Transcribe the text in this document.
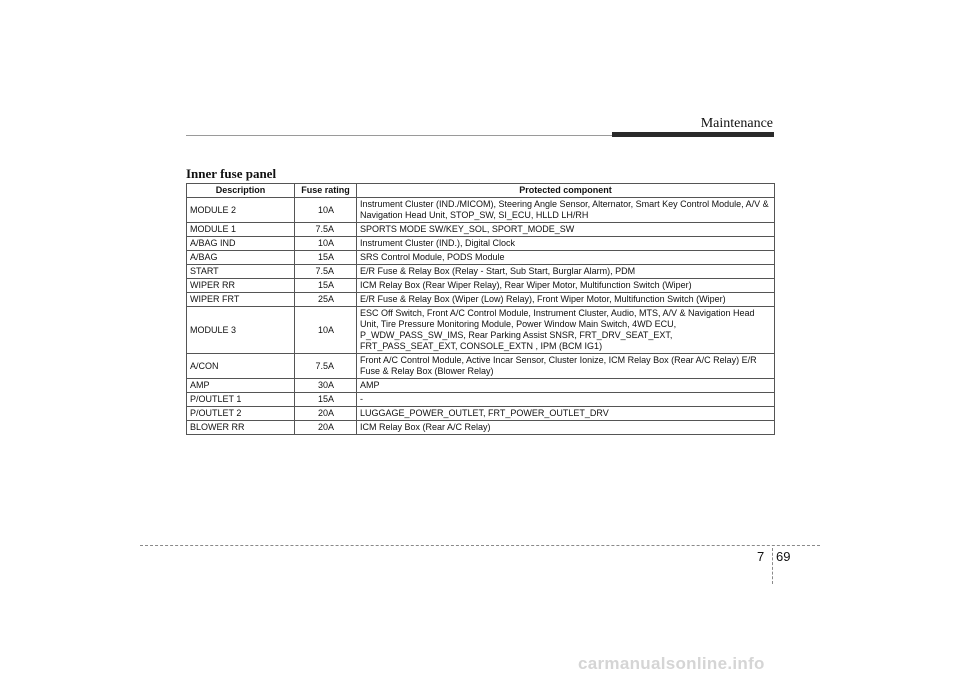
Maintenance
Inner fuse panel
Description	Fuse rating	Protected component
MODULE 2	10A	Instrument Cluster (IND./MICOM), Steering Angle Sensor, Alternator, Smart Key Control Module, A/V & Navigation Head Unit, STOP_SW, SI_ECU, HLLD LH/RH
MODULE 1	7.5A	SPORTS MODE SW/KEY_SOL, SPORT_MODE_SW
A/BAG IND	10A	Instrument Cluster (IND.), Digital Clock
A/BAG	15A	SRS Control Module, PODS Module
START	7.5A	E/R Fuse & Relay Box (Relay - Start, Sub Start, Burglar Alarm), PDM
WIPER RR	15A	ICM Relay Box (Rear Wiper Relay), Rear Wiper Motor, Multifunction Switch (Wiper)
WIPER FRT	25A	E/R Fuse & Relay Box (Wiper (Low) Relay), Front Wiper Motor, Multifunction Switch (Wiper)
MODULE 3	10A	ESC Off Switch, Front A/C Control Module, Instrument Cluster, Audio, MTS, A/V & Navigation Head Unit, Tire Pressure Monitoring Module, Power Window Main Switch, 4WD ECU, P_WDW_PASS_SW_IMS, Rear Parking Assist SNSR, FRT_DRV_SEAT_EXT, FRT_PASS_SEAT_EXT, CONSOLE_EXTN , IPM (BCM IG1)
A/CON	7.5A	Front A/C Control Module, Active Incar Sensor, Cluster Ionize, ICM Relay Box (Rear A/C Relay) E/R Fuse & Relay Box (Blower Relay)
AMP	30A	AMP
P/OUTLET 1	15A	-
P/OUTLET 2	20A	LUGGAGE_POWER_OUTLET, FRT_POWER_OUTLET_DRV
BLOWER RR	20A	ICM Relay Box (Rear A/C Relay)
7 69
carmanualsonline.info
